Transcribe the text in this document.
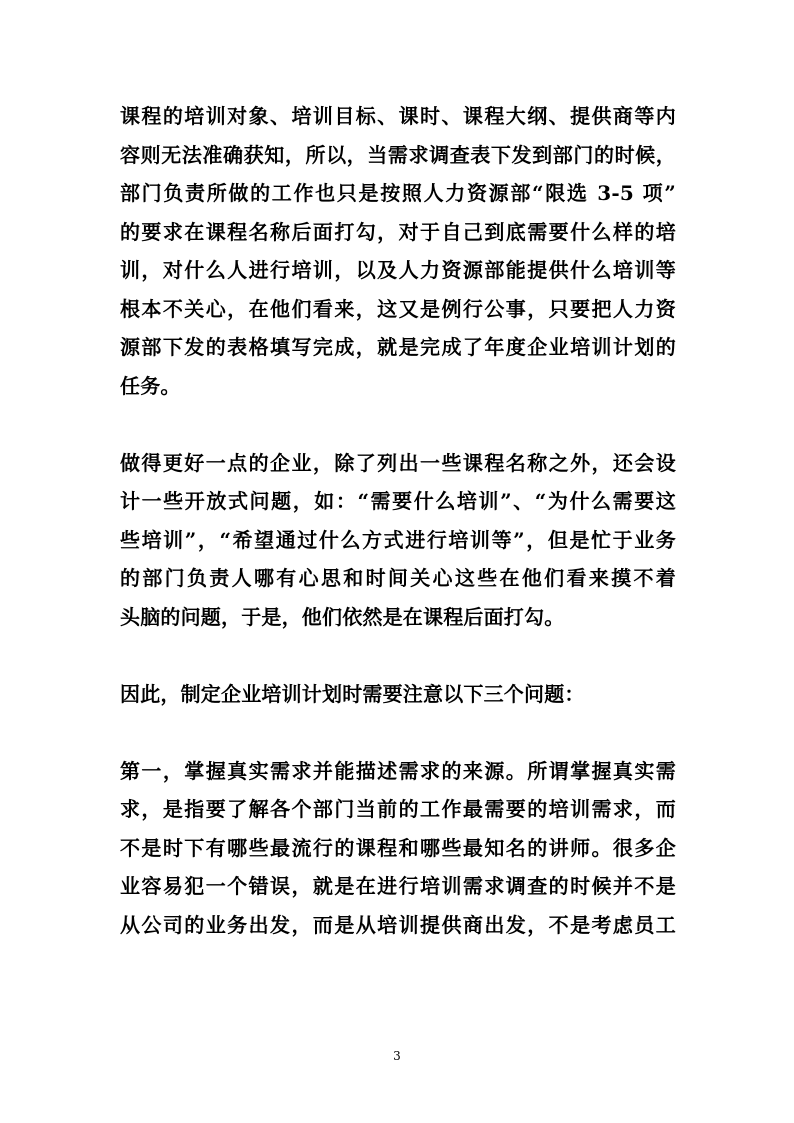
课程的培训对象、培训目标、课时、课程大纲、提供商等内
容则无法准确获知，所以，当需求调查表下发到部门的时候，
部门负责所做的工作也只是按照人力资源部“限选 3-5 项”
的要求在课程名称后面打勾，对于自己到底需要什么样的培
训，对什么人进行培训，以及人力资源部能提供什么培训等
根本不关心，在他们看来，这又是例行公事，只要把人力资
源部下发的表格填写完成，就是完成了年度企业培训计划的
任务。

做得更好一点的企业，除了列出一些课程名称之外，还会设
计一些开放式问题，如：“需要什么培训”、“为什么需要这
些培训”，“希望通过什么方式进行培训等”，但是忙于业务
的部门负责人哪有心思和时间关心这些在他们看来摸不着
头脑的问题，于是，他们依然是在课程后面打勾。

因此，制定企业培训计划时需要注意以下三个问题：

第一，掌握真实需求并能描述需求的来源。所谓掌握真实需
求，是指要了解各个部门当前的工作最需要的培训需求，而
不是时下有哪些最流行的课程和哪些最知名的讲师。很多企
业容易犯一个错误，就是在进行培训需求调查的时候并不是
从公司的业务出发，而是从培训提供商出发，不是考虑员工

3
